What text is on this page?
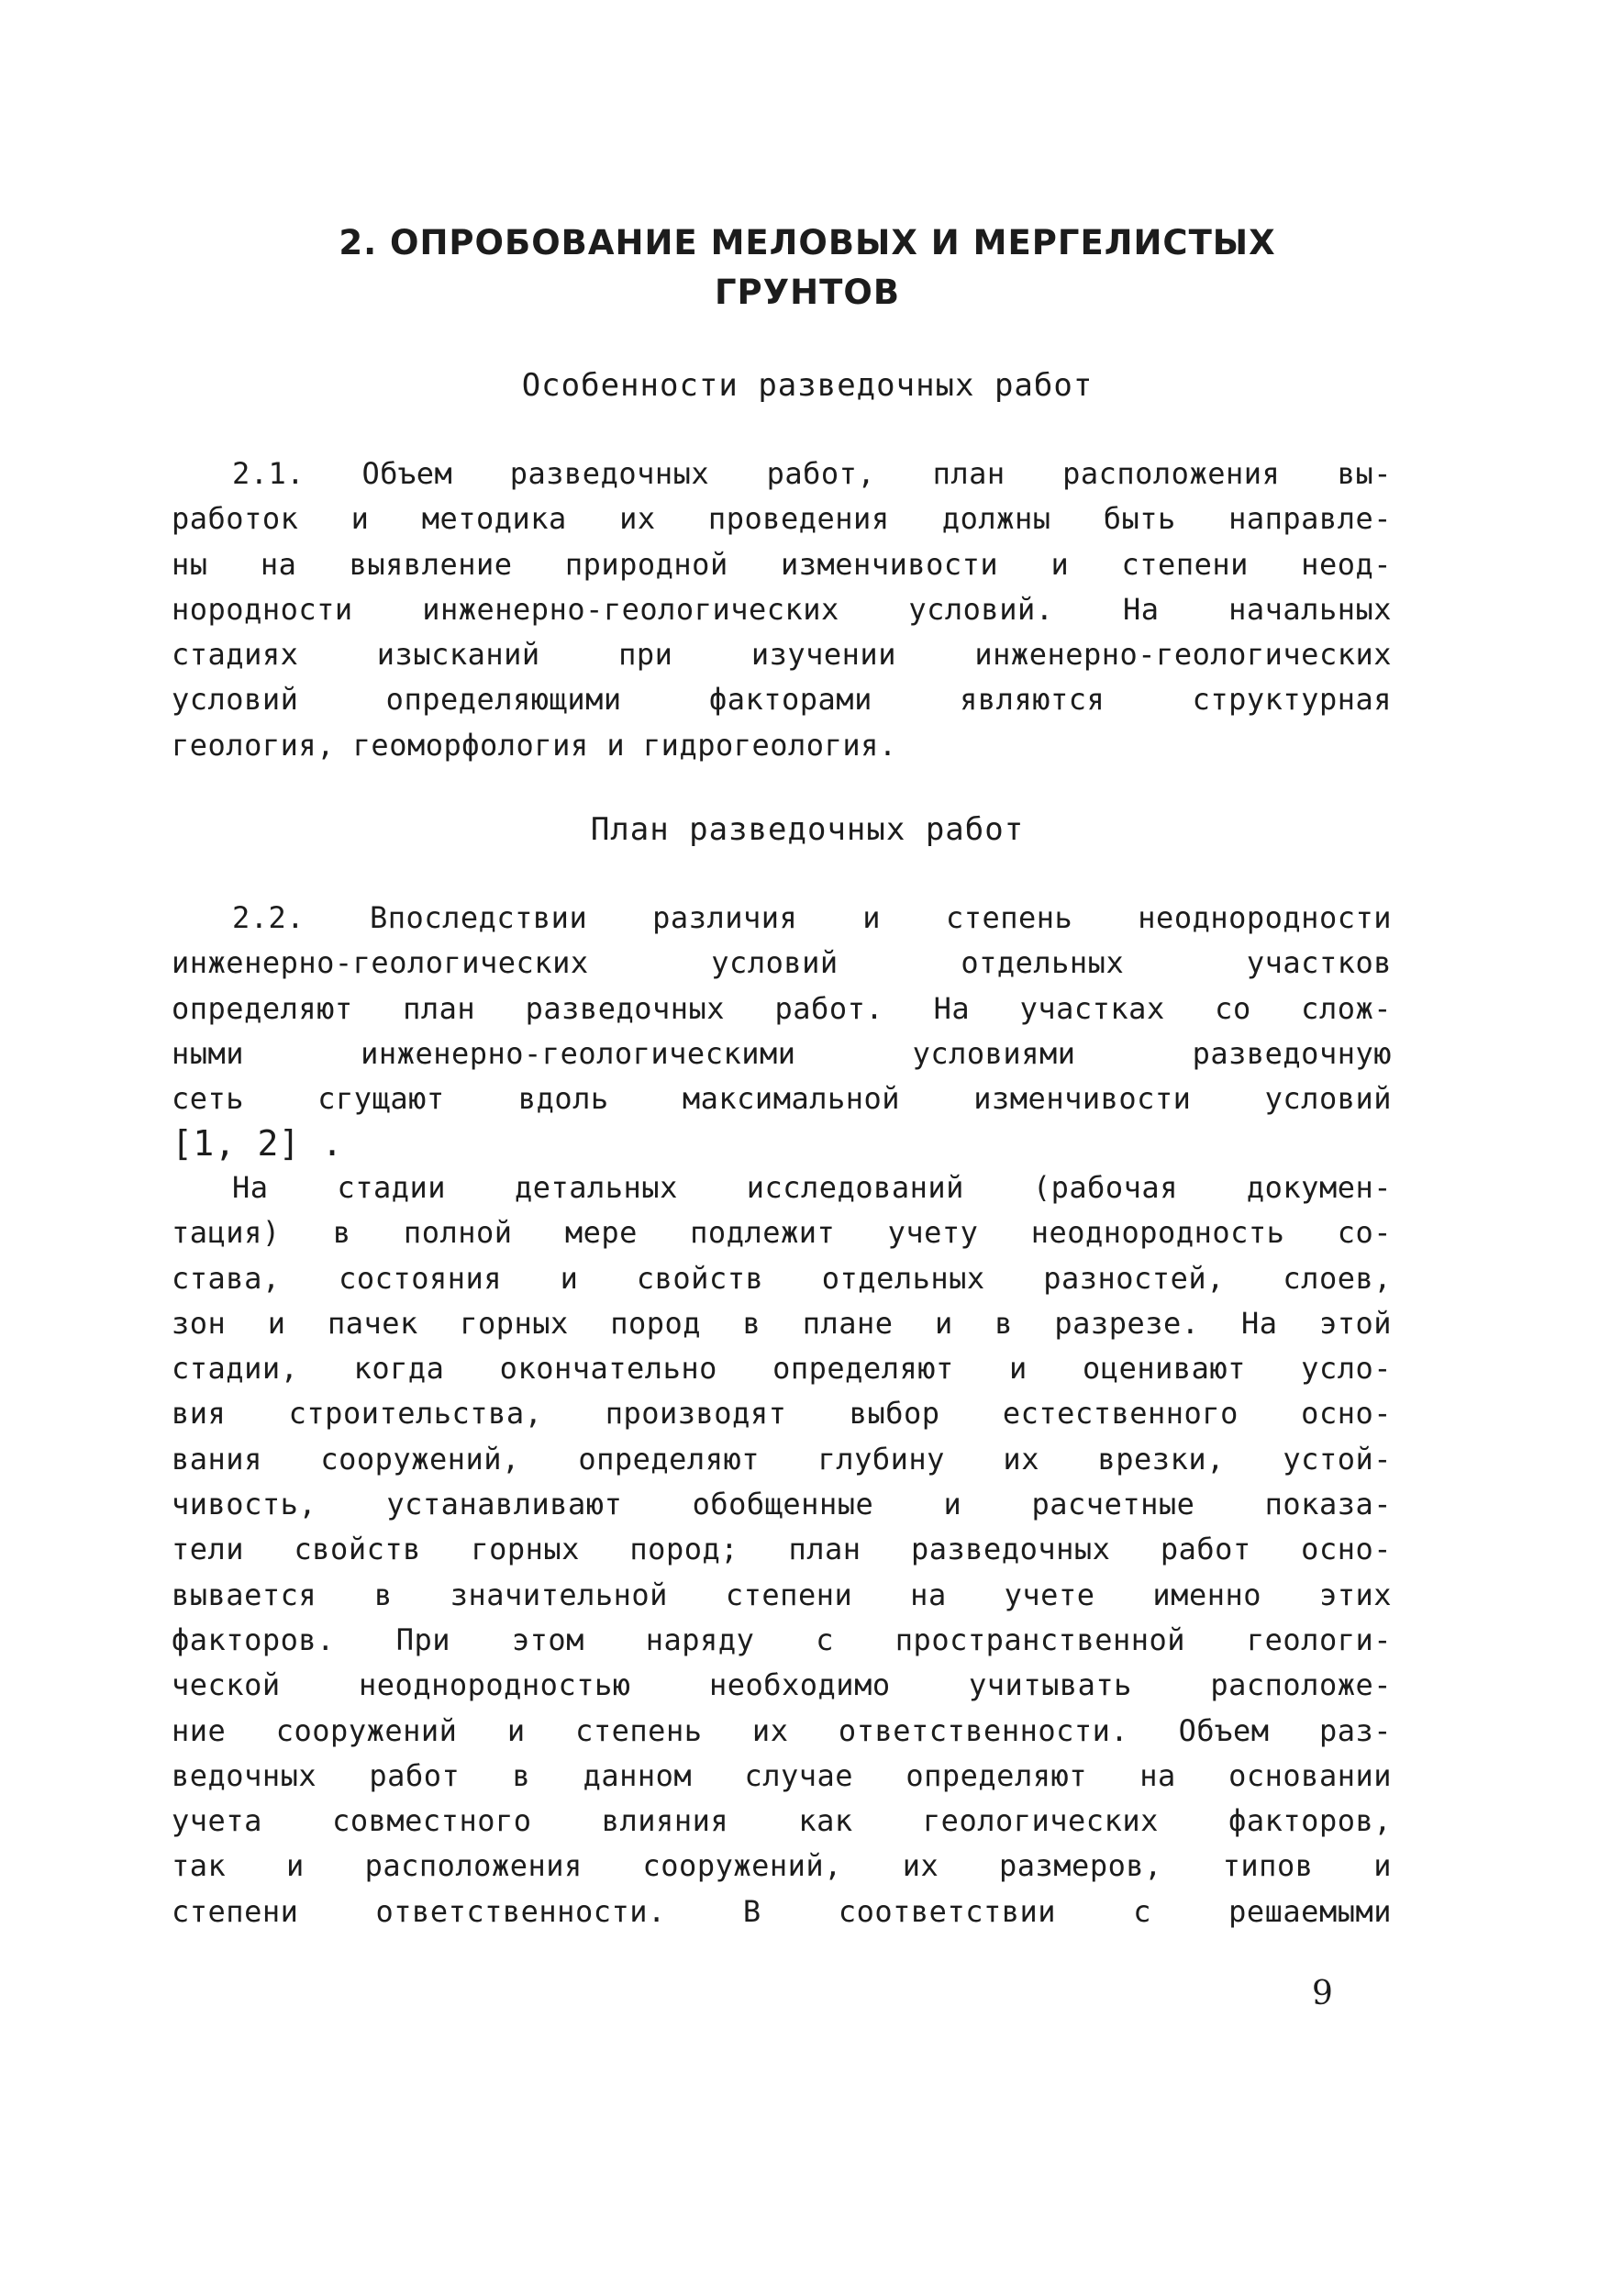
2. ОПРОБОВАНИЕ МЕЛОВЫХ И МЕРГЕЛИСТЫХ
ГРУНТОВ
Особенности разведочных работ
2.1. Объем разведочных работ, план расположения вы-
работок и методика их проведения должны быть направле-
ны на выявление природной изменчивости и степени неод-
нородности инженерно-геологических условий. На начальных
стадиях изысканий при изучении инженерно-геологических
условий определяющими факторами являются структурная
геология, геоморфология и гидрогеология.
План разведочных работ
2.2. Впоследствии различия и степень неоднородности
инженерно-геологических условий отдельных участков
определяют план разведочных работ. На участках со слож-
ными инженерно-геологическими условиями разведочную
сеть сгущают вдоль максимальной изменчивости условий
[1, 2] .
На стадии детальных исследований (рабочая докумен-
тация) в полной мере подлежит учету неоднородность со-
става, состояния и свойств отдельных разностей, слоев,
зон и пачек горных пород в плане и в разрезе. На этой
стадии, когда окончательно определяют и оценивают усло-
вия строительства, производят выбор естественного осно-
вания сооружений, определяют глубину их врезки, устой-
чивость, устанавливают обобщенные и расчетные показа-
тели свойств горных пород; план разведочных работ осно-
вывается в значительной степени на учете именно этих
факторов. При этом наряду с пространственной геологи-
ческой неоднородностью необходимо учитывать расположе-
ние сооружений и степень их ответственности. Объем раз-
ведочных работ в данном случае определяют на основании
учета совместного влияния как геологических факторов,
так и расположения сооружений, их размеров, типов и
степени ответственности. В соответствии с решаемыми
9
